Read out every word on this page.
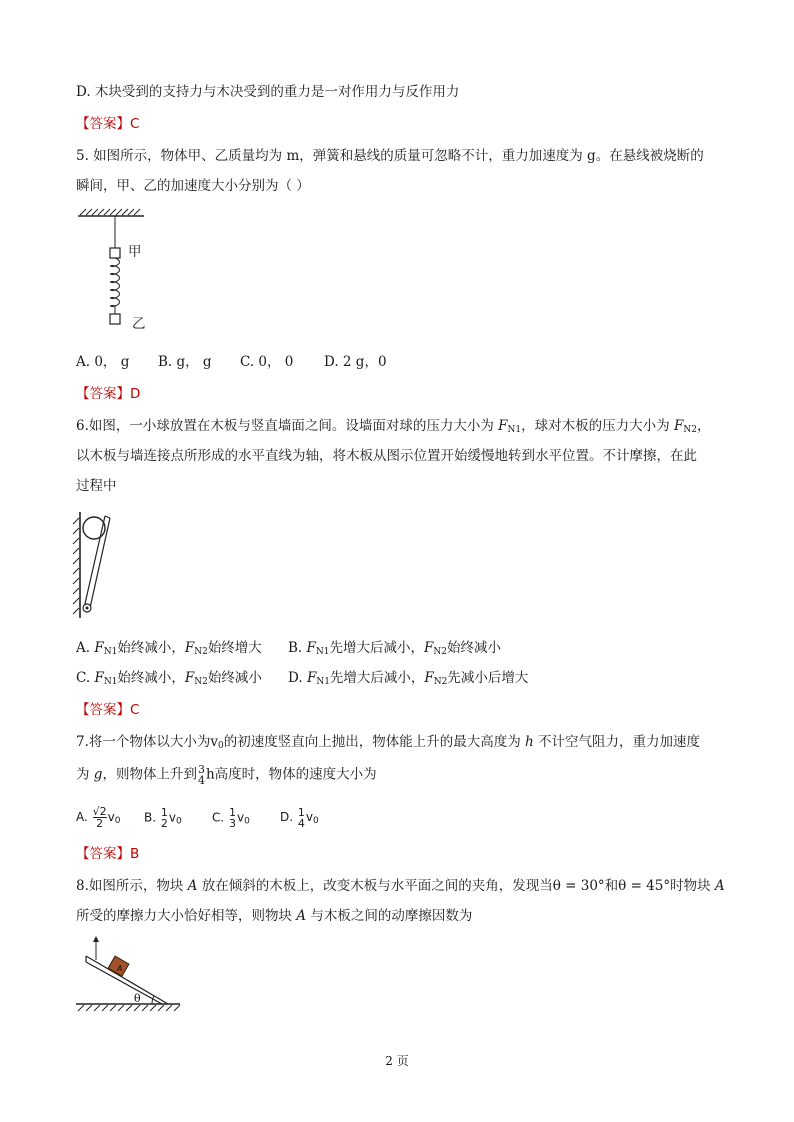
D. 木块受到的支持力与木决受到的重力是一对作用力与反作用力
【答案】C
5. 如图所示，物体甲、乙质量均为 m，弹簧和悬线的质量可忽略不计，重力加速度为 g。在悬线被烧断的
瞬间，甲、乙的加速度大小分别为（ ）
甲
乙
A. 0， g B. g， g C. 0， 0 D. 2 g，0
【答案】D
6.如图，一小球放置在木板与竖直墙面之间。设墙面对球的压力大小为 $F_{N1}$，球对木板的压力大小为 $F_{N2}$，
以木板与墙连接点所形成的水平直线为轴，将木板从图示位置开始缓慢地转到水平位置。不计摩擦，在此
过程中
A. $F_{N1}$始终减小，$F_{N2}$始终增大 B. $F_{N1}$先增大后减小，$F_{N2}$始终减小
C. $F_{N1}$始终减小，$F_{N2}$始终减小 D. $F_{N1}$先增大后减小，$F_{N2}$先减小后增大
【答案】C
7.将一个物体以大小为$v_0$的初速度竖直向上抛出，物体能上升的最大高度为 h 不计空气阻力，重力加速度
为 g，则物体上升到 3
4 h高度时，物体的速度大小为
A. $\frac{√2}{2} v_0$ B. 1
2 $v_0$	C. 1
3 $v_0$	D. 1
4 $v_0$
【答案】B
8.如图所示，物块 A 放在倾斜的木板上，改变木板与水平面之间的夹角，发现当θ = 30°和θ = 45°时物块 A
所受的摩擦力大小恰好相等，则物块 A 与木板之间的动摩擦因数为
A
θ
2 页
